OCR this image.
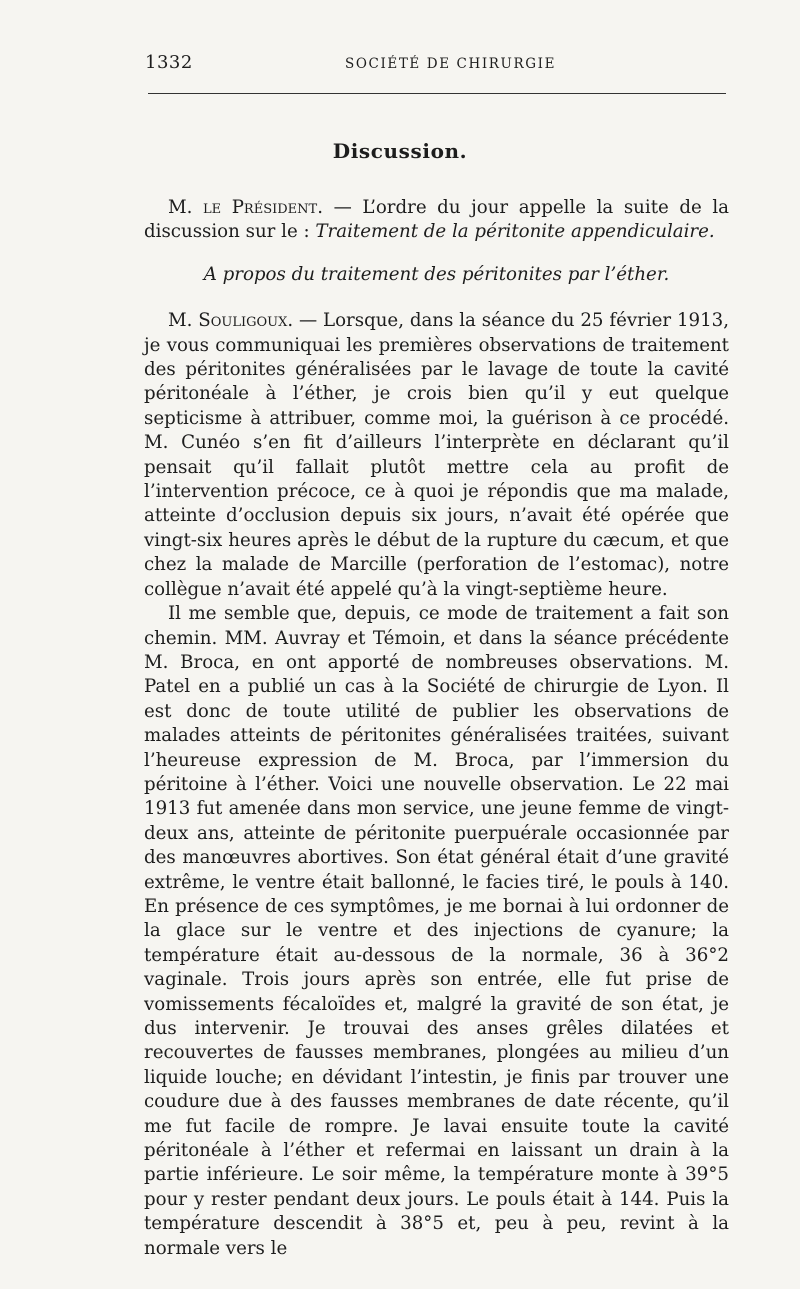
1332	SOCIÉTÉ DE CHIRURGIE
Discussion.

M. le Président. — L’ordre du jour appelle la suite de la discussion sur le : Traitement de la péritonite appendiculaire.

A propos du traitement des péritonites par l’éther.

M. Souligoux. — Lorsque, dans la séance du 25 février 1913, je vous communiquai les premières observations de traitement des péritonites généralisées par le lavage de toute la cavité péritonéale à l’éther, je crois bien qu’il y eut quelque septicisme à attribuer, comme moi, la guérison à ce procédé. M. Cunéo s’en fit d’ailleurs l’interprète en déclarant qu’il pensait qu’il fallait plutôt mettre cela au profit de l’intervention précoce, ce à quoi je répondis que ma malade, atteinte d’occlusion depuis six jours, n’avait été opérée que vingt-six heures après le début de la rupture du cæcum, et que chez la malade de Marcille (perforation de l’estomac), notre collègue n’avait été appelé qu’à la vingt-septième heure.

Il me semble que, depuis, ce mode de traitement a fait son chemin. MM. Auvray et Témoin, et dans la séance précédente M. Broca, en ont apporté de nombreuses observations. M. Patel en a publié un cas à la Société de chirurgie de Lyon. Il est donc de toute utilité de publier les observations de malades atteints de péritonites généralisées traitées, suivant l’heureuse expression de M. Broca, par l’immersion du péritoine à l’éther. Voici une nouvelle observation. Le 22 mai 1913 fut amenée dans mon service, une jeune femme de vingt-deux ans, atteinte de péritonite puerpuérale occasionnée par des manœuvres abortives. Son état général était d’une gravité extrême, le ventre était ballonné, le facies tiré, le pouls à 140. En présence de ces symptômes, je me bornai à lui ordonner de la glace sur le ventre et des injections de cyanure; la température était au-dessous de la normale, 36 à 36°2 vaginale. Trois jours après son entrée, elle fut prise de vomissements fécaloïdes et, malgré la gravité de son état, je dus intervenir. Je trouvai des anses grêles dilatées et recouvertes de fausses membranes, plongées au milieu d’un liquide louche; en dévidant l’intestin, je finis par trouver une coudure due à des fausses membranes de date récente, qu’il me fut facile de rompre. Je lavai ensuite toute la cavité péritonéale à l’éther et refermai en laissant un drain à la partie inférieure. Le soir même, la température monte à 39°5 pour y rester pendant deux jours. Le pouls était à 144. Puis la température descendit à 38°5 et, peu à peu, revint à la normale vers le
